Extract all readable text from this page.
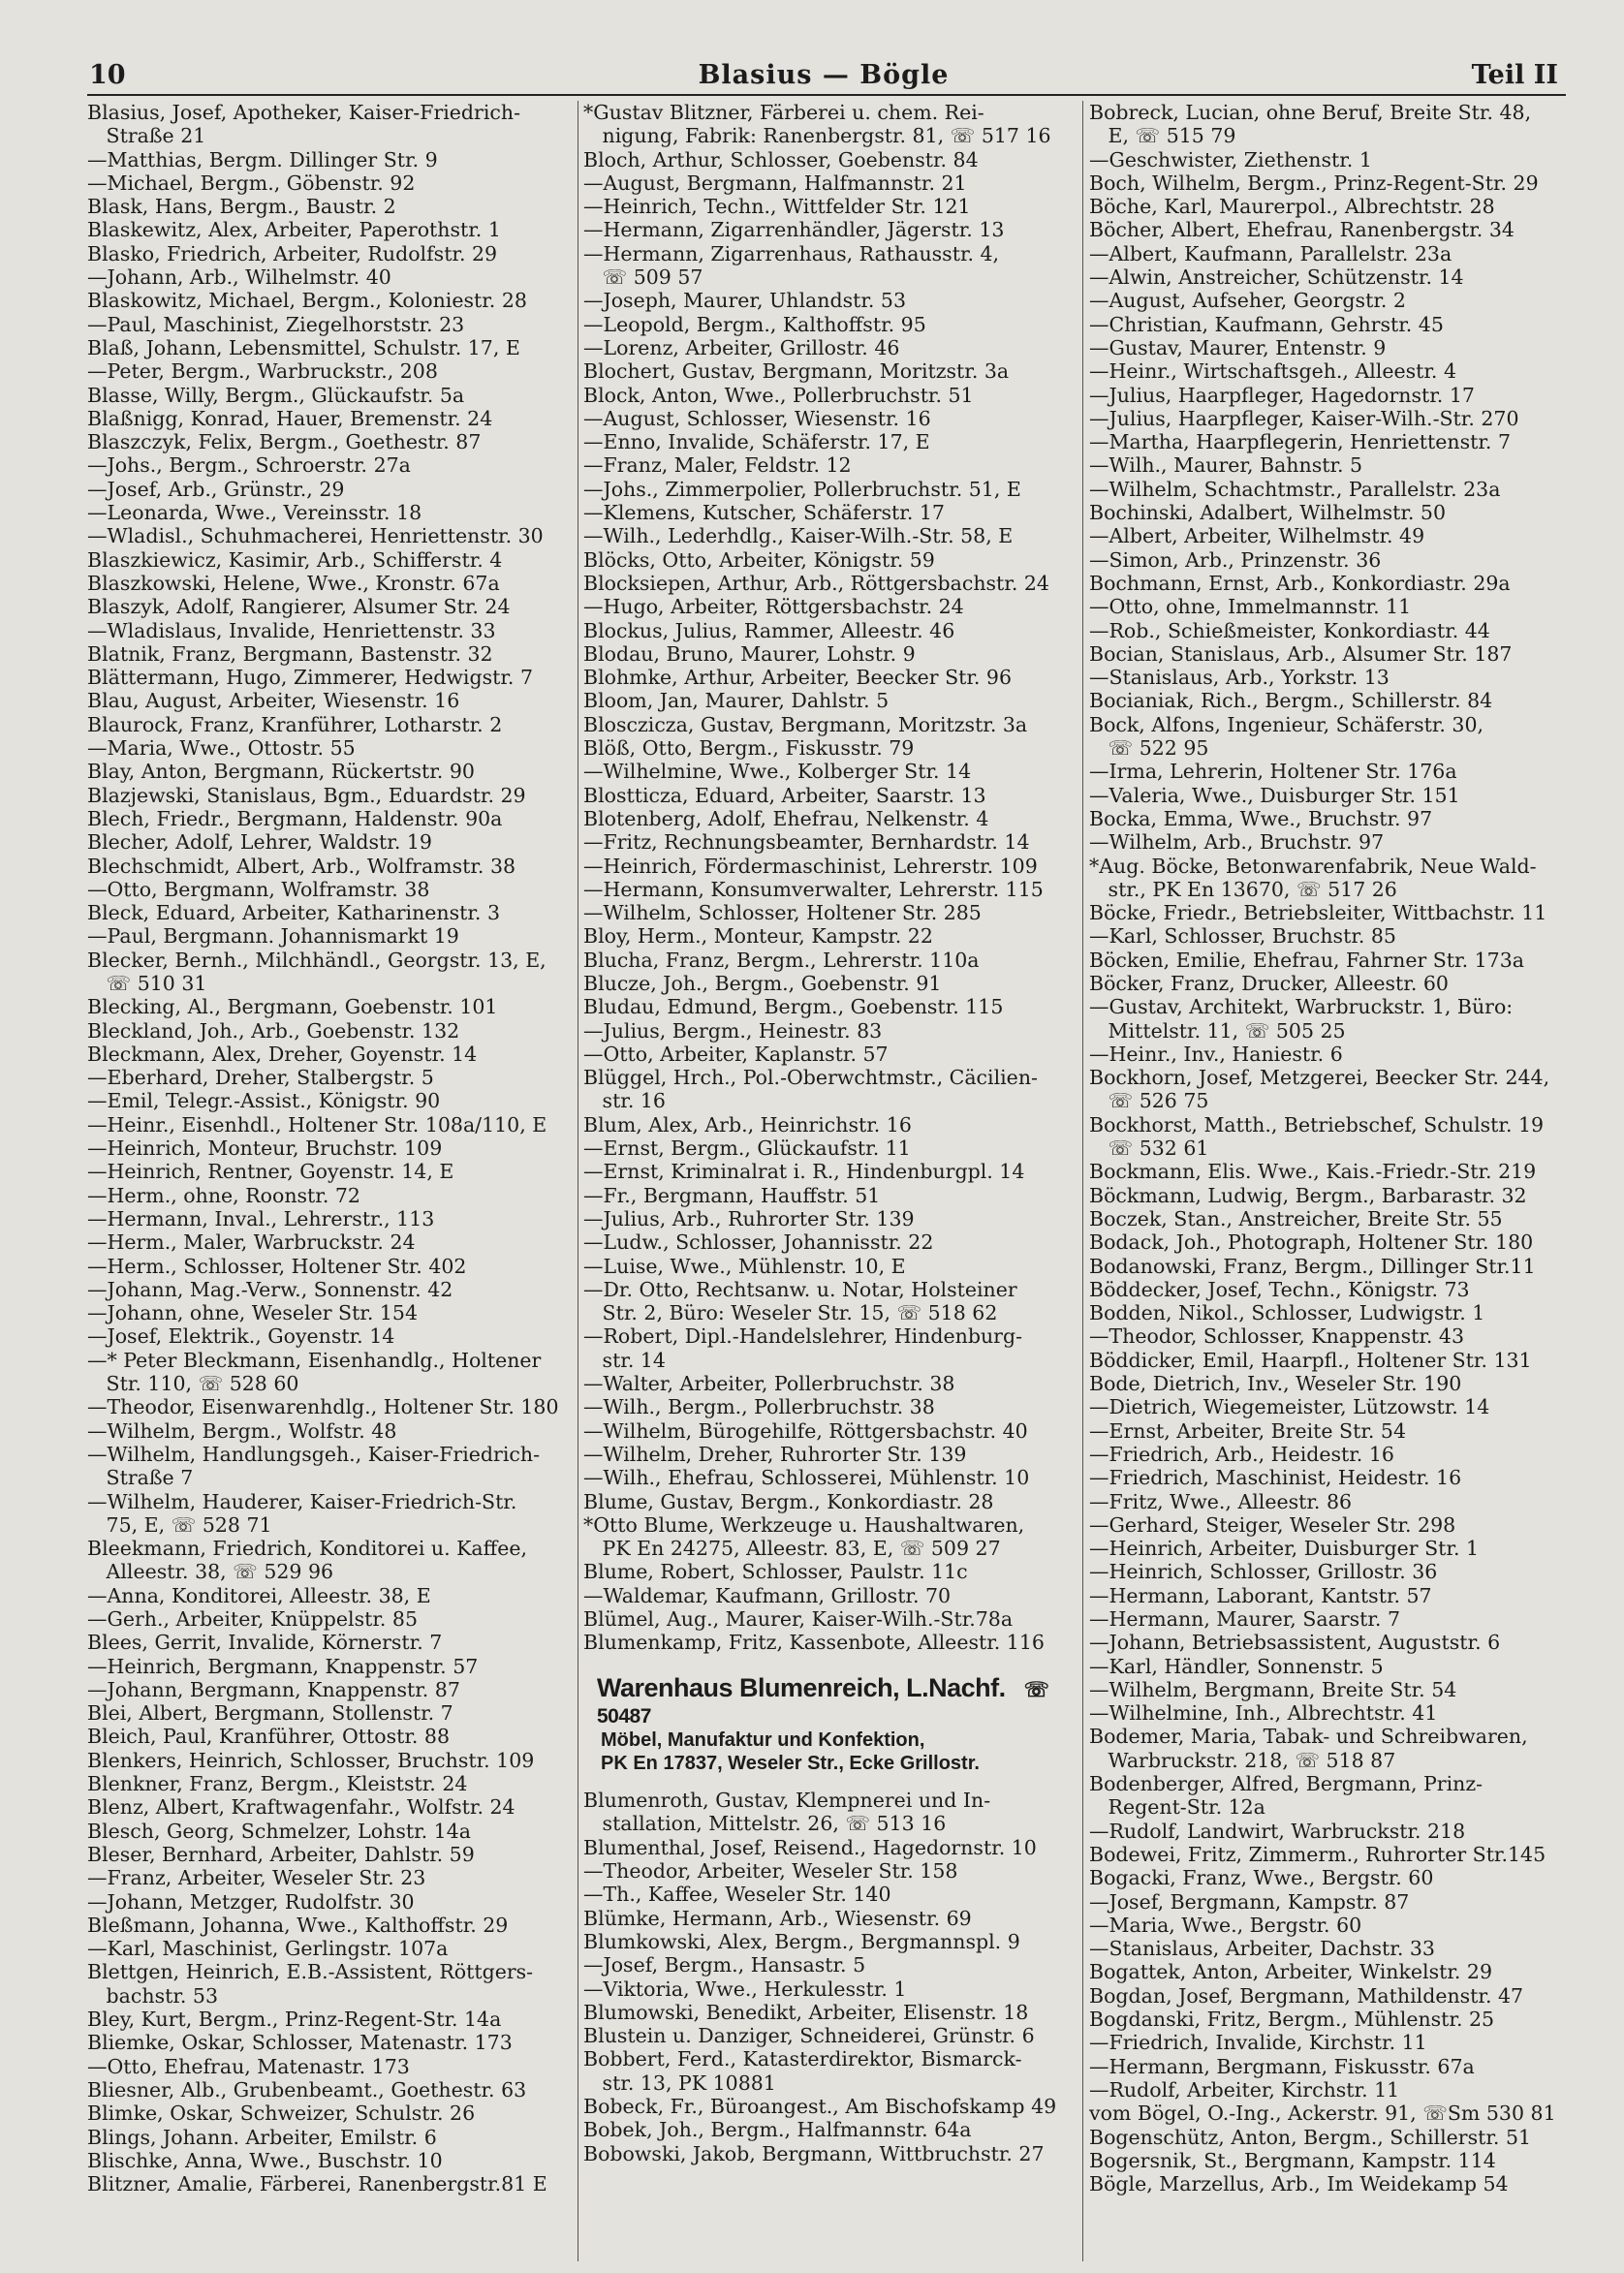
10	Blasius — Bögle	Teil II
Blasius, Josef, Apotheker, Kaiser-Friedrich-
Straße 21
—Matthias, Bergm. Dillinger Str. 9
—Michael, Bergm., Göbenstr. 92
Blask, Hans, Bergm., Baustr. 2
Blaskewitz, Alex, Arbeiter, Paperothstr. 1
Blasko, Friedrich, Arbeiter, Rudolfstr. 29
—Johann, Arb., Wilhelmstr. 40
Blaskowitz, Michael, Bergm., Koloniestr. 28
—Paul, Maschinist, Ziegelhorststr. 23
Blaß, Johann, Lebensmittel, Schulstr. 17, E
—Peter, Bergm., Warbruckstr., 208
Blasse, Willy, Bergm., Glückaufstr. 5a
Blaßnigg, Konrad, Hauer, Bremenstr. 24
Blaszczyk, Felix, Bergm., Goethestr. 87
—Johs., Bergm., Schroerstr. 27a
—Josef, Arb., Grünstr., 29
—Leonarda, Wwe., Vereinsstr. 18
—Wladisl., Schuhmacherei, Henriettenstr. 30
Blaszkiewicz, Kasimir, Arb., Schifferstr. 4
Blaszkowski, Helene, Wwe., Kronstr. 67a
Blaszyk, Adolf, Rangierer, Alsumer Str. 24
—Wladislaus, Invalide, Henriettenstr. 33
Blatnik, Franz, Bergmann, Bastenstr. 32
Blättermann, Hugo, Zimmerer, Hedwigstr. 7
Blau, August, Arbeiter, Wiesenstr. 16
Blaurock, Franz, Kranführer, Lotharstr. 2
—Maria, Wwe., Ottostr. 55
Blay, Anton, Bergmann, Rückertstr. 90
Blazjewski, Stanislaus, Bgm., Eduardstr. 29
Blech, Friedr., Bergmann, Haldenstr. 90a
Blecher, Adolf, Lehrer, Waldstr. 19
Blechschmidt, Albert, Arb., Wolframstr. 38
—Otto, Bergmann, Wolframstr. 38
Bleck, Eduard, Arbeiter, Katharinenstr. 3
—Paul, Bergmann. Johannismarkt 19
Blecker, Bernh., Milchhändl., Georgstr. 13, E,
☏ 510 31
Blecking, Al., Bergmann, Goebenstr. 101
Bleckland, Joh., Arb., Goebenstr. 132
Bleckmann, Alex, Dreher, Goyenstr. 14
—Eberhard, Dreher, Stalbergstr. 5
—Emil, Telegr.-Assist., Königstr. 90
—Heinr., Eisenhdl., Holtener Str. 108a/110, E
—Heinrich, Monteur, Bruchstr. 109
—Heinrich, Rentner, Goyenstr. 14, E
—Herm., ohne, Roonstr. 72
—Hermann, Inval., Lehrerstr., 113
—Herm., Maler, Warbruckstr. 24
—Herm., Schlosser, Holtener Str. 402
—Johann, Mag.-Verw., Sonnenstr. 42
—Johann, ohne, Weseler Str. 154
—Josef, Elektrik., Goyenstr. 14
—* Peter Bleckmann, Eisenhandlg., Holtener
Str. 110, ☏ 528 60
—Theodor, Eisenwarenhdlg., Holtener Str. 180
—Wilhelm, Bergm., Wolfstr. 48
—Wilhelm, Handlungsgeh., Kaiser-Friedrich-
Straße 7
—Wilhelm, Hauderer, Kaiser-Friedrich-Str.
75, E, ☏ 528 71
Bleekmann, Friedrich, Konditorei u. Kaffee,
Alleestr. 38, ☏ 529 96
—Anna, Konditorei, Alleestr. 38, E
—Gerh., Arbeiter, Knüppelstr. 85
Blees, Gerrit, Invalide, Körnerstr. 7
—Heinrich, Bergmann, Knappenstr. 57
—Johann, Bergmann, Knappenstr. 87
Blei, Albert, Bergmann, Stollenstr. 7
Bleich, Paul, Kranführer, Ottostr. 88
Blenkers, Heinrich, Schlosser, Bruchstr. 109
Blenkner, Franz, Bergm., Kleiststr. 24
Blenz, Albert, Kraftwagenfahr., Wolfstr. 24
Blesch, Georg, Schmelzer, Lohstr. 14a
Bleser, Bernhard, Arbeiter, Dahlstr. 59
—Franz, Arbeiter, Weseler Str. 23
—Johann, Metzger, Rudolfstr. 30
Bleßmann, Johanna, Wwe., Kalthoffstr. 29
—Karl, Maschinist, Gerlingstr. 107a
Blettgen, Heinrich, E.B.-Assistent, Röttgers-
bachstr. 53
Bley, Kurt, Bergm., Prinz-Regent-Str. 14a
Bliemke, Oskar, Schlosser, Matenastr. 173
—Otto, Ehefrau, Matenastr. 173
Bliesner, Alb., Grubenbeamt., Goethestr. 63
Blimke, Oskar, Schweizer, Schulstr. 26
Blings, Johann. Arbeiter, Emilstr. 6
Blischke, Anna, Wwe., Buschstr. 10
Blitzner, Amalie, Färberei, Ranenbergstr.81 E
*Gustav Blitzner, Färberei u. chem. Rei-
nigung, Fabrik: Ranenbergstr. 81, ☏ 517 16
Bloch, Arthur, Schlosser, Goebenstr. 84
—August, Bergmann, Halfmannstr. 21
—Heinrich, Techn., Wittfelder Str. 121
—Hermann, Zigarrenhändler, Jägerstr. 13
—Hermann, Zigarrenhaus, Rathausstr. 4,
☏ 509 57
—Joseph, Maurer, Uhlandstr. 53
—Leopold, Bergm., Kalthoffstr. 95
—Lorenz, Arbeiter, Grillostr. 46
Blochert, Gustav, Bergmann, Moritzstr. 3a
Block, Anton, Wwe., Pollerbruchstr. 51
—August, Schlosser, Wiesenstr. 16
—Enno, Invalide, Schäferstr. 17, E
—Franz, Maler, Feldstr. 12
—Johs., Zimmerpolier, Pollerbruchstr. 51, E
—Klemens, Kutscher, Schäferstr. 17
—Wilh., Lederhdlg., Kaiser-Wilh.-Str. 58, E
Blöcks, Otto, Arbeiter, Königstr. 59
Blocksiepen, Arthur, Arb., Röttgersbachstr. 24
—Hugo, Arbeiter, Röttgersbachstr. 24
Blockus, Julius, Rammer, Alleestr. 46
Blodau, Bruno, Maurer, Lohstr. 9
Blohmke, Arthur, Arbeiter, Beecker Str. 96
Bloom, Jan, Maurer, Dahlstr. 5
Bloscziczа, Gustav, Bergmann, Moritzstr. 3a
Blöß, Otto, Bergm., Fiskusstr. 79
—Wilhelmine, Wwe., Kolberger Str. 14
Blostticza, Eduard, Arbeiter, Saarstr. 13
Blotenberg, Adolf, Ehefrau, Nelkenstr. 4
—Fritz, Rechnungsbeamter, Bernhardstr. 14
—Heinrich, Fördermaschinist, Lehrerstr. 109
—Hermann, Konsumverwalter, Lehrerstr. 115
—Wilhelm, Schlosser, Holtener Str. 285
Bloy, Herm., Monteur, Kampstr. 22
Blucha, Franz, Bergm., Lehrerstr. 110a
Blucze, Joh., Bergm., Goebenstr. 91
Bludau, Edmund, Bergm., Goebenstr. 115
—Julius, Bergm., Heinestr. 83
—Otto, Arbeiter, Kaplanstr. 57
Blüggel, Hrch., Pol.-Oberwchtmstr., Cäcilien-
str. 16
Blum, Alex, Arb., Heinrichstr. 16
—Ernst, Bergm., Glückaufstr. 11
—Ernst, Kriminalrat i. R., Hindenburgpl. 14
—Fr., Bergmann, Hauffstr. 51
—Julius, Arb., Ruhrorter Str. 139
—Ludw., Schlosser, Johannisstr. 22
—Luise, Wwe., Mühlenstr. 10, E
—Dr. Otto, Rechtsanw. u. Notar, Holsteiner
Str. 2, Büro: Weseler Str. 15, ☏ 518 62
—Robert, Dipl.-Handelslehrer, Hindenburg-
str. 14
—Walter, Arbeiter, Pollerbruchstr. 38
—Wilh., Bergm., Pollerbruchstr. 38
—Wilhelm, Bürogehilfe, Röttgersbachstr. 40
—Wilhelm, Dreher, Ruhrorter Str. 139
—Wilh., Ehefrau, Schlosserei, Mühlenstr. 10
Blume, Gustav, Bergm., Konkordiastr. 28
*Otto Blume, Werkzeuge u. Haushaltwaren,
PK En 24275, Alleestr. 83, E, ☏ 509 27
Blume, Robert, Schlosser, Paulstr. 11c
—Waldemar, Kaufmann, Grillostr. 70
Blümel, Aug., Maurer, Kaiser-Wilh.-Str.78a
Blumenkamp, Fritz, Kassenbote, Alleestr. 116
Warenhaus Blumenreich, L.Nachf. ☏ 50487
Möbel, Manufaktur und Konfektion,
PK En 17837, Weseler Str., Ecke Grillostr.
Blumenroth, Gustav, Klempnerei und In-
stallation, Mittelstr. 26, ☏ 513 16
Blumenthal, Josef, Reisend., Hagedornstr. 10
—Theodor, Arbeiter, Weseler Str. 158
—Th., Kaffee, Weseler Str. 140
Blümke, Hermann, Arb., Wiesenstr. 69
Blumkowski, Alex, Bergm., Bergmannspl. 9
—Josef, Bergm., Hansastr. 5
—Viktoria, Wwe., Herkulesstr. 1
Blumowski, Benedikt, Arbeiter, Elisenstr. 18
Blustein u. Danziger, Schneiderei, Grünstr. 6
Bobbert, Ferd., Katasterdirektor, Bismarck-
str. 13, PK 10881
Bobeck, Fr., Büroangest., Am Bischofskamp 49
Bobek, Joh., Bergm., Halfmannstr. 64a
Bobowski, Jakob, Bergmann, Wittbruchstr. 27
Bobreck, Lucian, ohne Beruf, Breite Str. 48,
E, ☏ 515 79
—Geschwister, Ziethenstr. 1
Boch, Wilhelm, Bergm., Prinz-Regent-Str. 29
Böche, Karl, Maurerpol., Albrechtstr. 28
Böcher, Albert, Ehefrau, Ranenbergstr. 34
—Albert, Kaufmann, Parallelstr. 23a
—Alwin, Anstreicher, Schützenstr. 14
—August, Aufseher, Georgstr. 2
—Christian, Kaufmann, Gehrstr. 45
—Gustav, Maurer, Entenstr. 9
—Heinr., Wirtschaftsgeh., Alleestr. 4
—Julius, Haarpfleger, Hagedornstr. 17
—Julius, Haarpfleger, Kaiser-Wilh.-Str. 270
—Martha, Haarpflegerin, Henriettenstr. 7
—Wilh., Maurer, Bahnstr. 5
—Wilhelm, Schachtmstr., Parallelstr. 23a
Bochinski, Adalbert, Wilhelmstr. 50
—Albert, Arbeiter, Wilhelmstr. 49
—Simon, Arb., Prinzenstr. 36
Bochmann, Ernst, Arb., Konkordiastr. 29a
—Otto, ohne, Immelmannstr. 11
—Rob., Schießmeister, Konkordiastr. 44
Bocian, Stanislaus, Arb., Alsumer Str. 187
—Stanislaus, Arb., Yorkstr. 13
Bocianiak, Rich., Bergm., Schillerstr. 84
Bock, Alfons, Ingenieur, Schäferstr. 30,
☏ 522 95
—Irma, Lehrerin, Holtener Str. 176a
—Valeria, Wwe., Duisburger Str. 151
Bocka, Emma, Wwe., Bruchstr. 97
—Wilhelm, Arb., Bruchstr. 97
*Aug. Böcke, Betonwarenfabrik, Neue Wald-
str., PK En 13670, ☏ 517 26
Böcke, Friedr., Betriebsleiter, Wittbachstr. 11
—Karl, Schlosser, Bruchstr. 85
Böcken, Emilie, Ehefrau, Fahrner Str. 173a
Böcker, Franz, Drucker, Alleestr. 60
—Gustav, Architekt, Warbruckstr. 1, Büro:
Mittelstr. 11, ☏ 505 25
—Heinr., Inv., Haniestr. 6
Bockhorn, Josef, Metzgerei, Beecker Str. 244,
☏ 526 75
Bockhorst, Matth., Betriebschef, Schulstr. 19
☏ 532 61
Bockmann, Elis. Wwe., Kais.-Friedr.-Str. 219
Böckmann, Ludwig, Bergm., Barbarastr. 32
Boczek, Stan., Anstreicher, Breite Str. 55
Bodack, Joh., Photograph, Holtener Str. 180
Bodanowski, Franz, Bergm., Dillinger Str.11
Böddecker, Josef, Techn., Königstr. 73
Bodden, Nikol., Schlosser, Ludwigstr. 1
—Theodor, Schlosser, Knappenstr. 43
Böddicker, Emil, Haarpfl., Holtener Str. 131
Bode, Dietrich, Inv., Weseler Str. 190
—Dietrich, Wiegemeister, Lützowstr. 14
—Ernst, Arbeiter, Breite Str. 54
—Friedrich, Arb., Heidestr. 16
—Friedrich, Maschinist, Heidestr. 16
—Fritz, Wwe., Alleestr. 86
—Gerhard, Steiger, Weseler Str. 298
—Heinrich, Arbeiter, Duisburger Str. 1
—Heinrich, Schlosser, Grillostr. 36
—Hermann, Laborant, Kantstr. 57
—Hermann, Maurer, Saarstr. 7
—Johann, Betriebsassistent, Auguststr. 6
—Karl, Händler, Sonnenstr. 5
—Wilhelm, Bergmann, Breite Str. 54
—Wilhelmine, Inh., Albrechtstr. 41
Bodemer, Maria, Tabak- und Schreibwaren,
Warbruckstr. 218, ☏ 518 87
Bodenberger, Alfred, Bergmann, Prinz-
Regent-Str. 12a
—Rudolf, Landwirt, Warbruckstr. 218
Bodewei, Fritz, Zimmerm., Ruhrorter Str.145
Bogacki, Franz, Wwe., Bergstr. 60
—Josef, Bergmann, Kampstr. 87
—Maria, Wwe., Bergstr. 60
—Stanislaus, Arbeiter, Dachstr. 33
Bogattek, Anton, Arbeiter, Winkelstr. 29
Bogdan, Josef, Bergmann, Mathildenstr. 47
Bogdanski, Fritz, Bergm., Mühlenstr. 25
—Friedrich, Invalide, Kirchstr. 11
—Hermann, Bergmann, Fiskusstr. 67a
—Rudolf, Arbeiter, Kirchstr. 11
vom Bögel, O.-Ing., Ackerstr. 91, ☏Sm 530 81
Bogenschütz, Anton, Bergm., Schillerstr. 51
Bogersnik, St., Bergmann, Kampstr. 114
Bögle, Marzellus, Arb., Im Weidekamp 54
